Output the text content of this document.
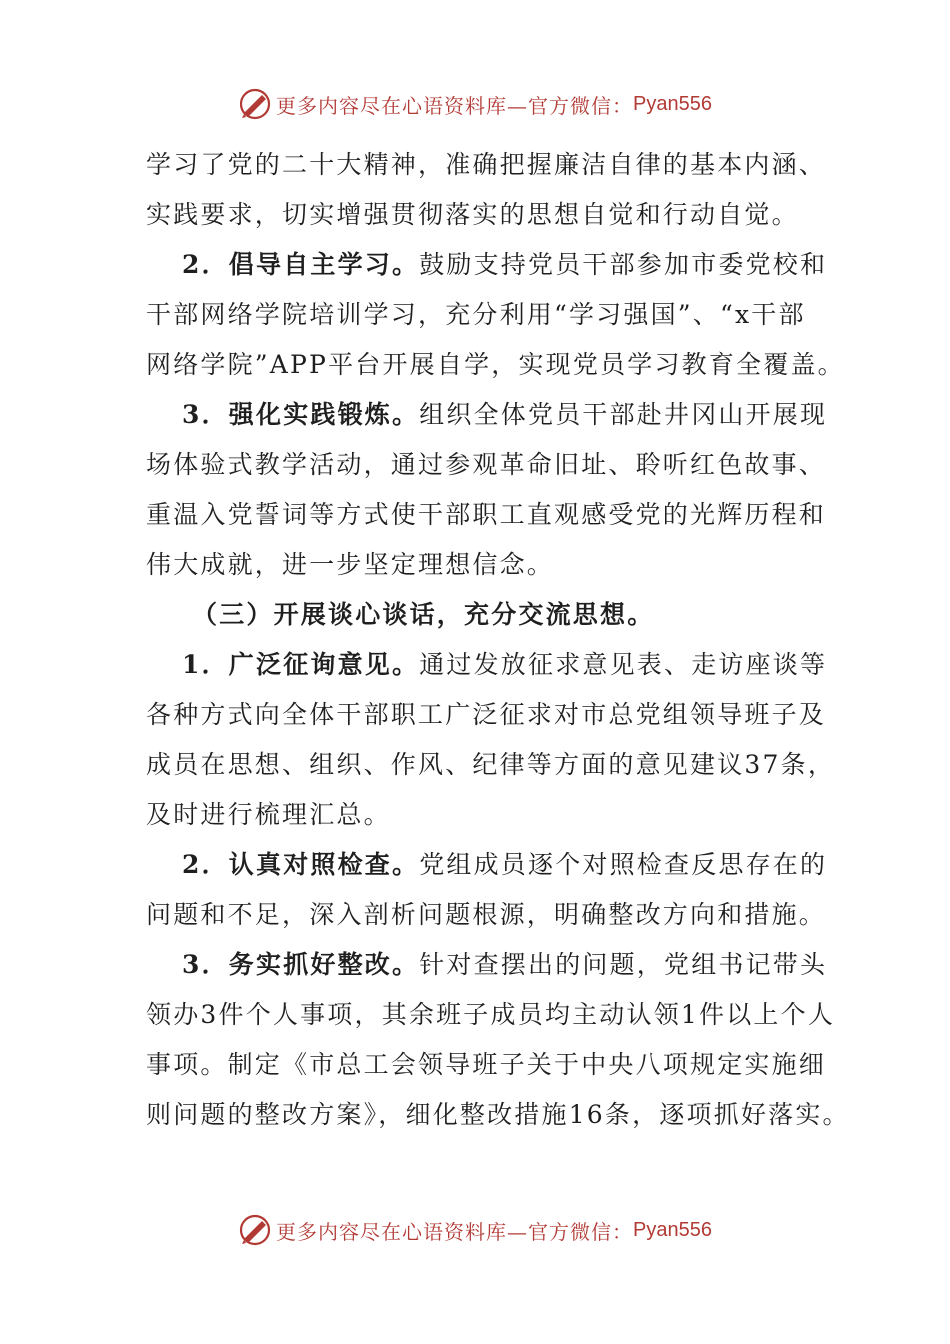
更多内容尽在心语资料库—官方微信： Pyan556
学习了党的二十大精神，准确把握廉洁自律的基本内涵、
实践要求，切实增强贯彻落实的思想自觉和行动自觉。
2．倡导自主学习。鼓励支持党员干部参加市委党校和
干部网络学院培训学习，充分利用“学习强国”、“x干部
网络学院”APP平台开展自学，实现党员学习教育全覆盖。
3．强化实践锻炼。组织全体党员干部赴井冈山开展现
场体验式教学活动，通过参观革命旧址、聆听红色故事、
重温入党誓词等方式使干部职工直观感受党的光辉历程和
伟大成就，进一步坚定理想信念。
（三）开展谈心谈话，充分交流思想。
1．广泛征询意见。通过发放征求意见表、走访座谈等
各种方式向全体干部职工广泛征求对市总党组领导班子及
成员在思想、组织、作风、纪律等方面的意见建议37条，
及时进行梳理汇总。
2．认真对照检查。党组成员逐个对照检查反思存在的
问题和不足，深入剖析问题根源，明确整改方向和措施。
3．务实抓好整改。针对查摆出的问题，党组书记带头
领办3件个人事项，其余班子成员均主动认领1件以上个人
事项。制定《市总工会领导班子关于中央八项规定实施细
则问题的整改方案》，细化整改措施16条，逐项抓好落实。
更多内容尽在心语资料库—官方微信： Pyan556
